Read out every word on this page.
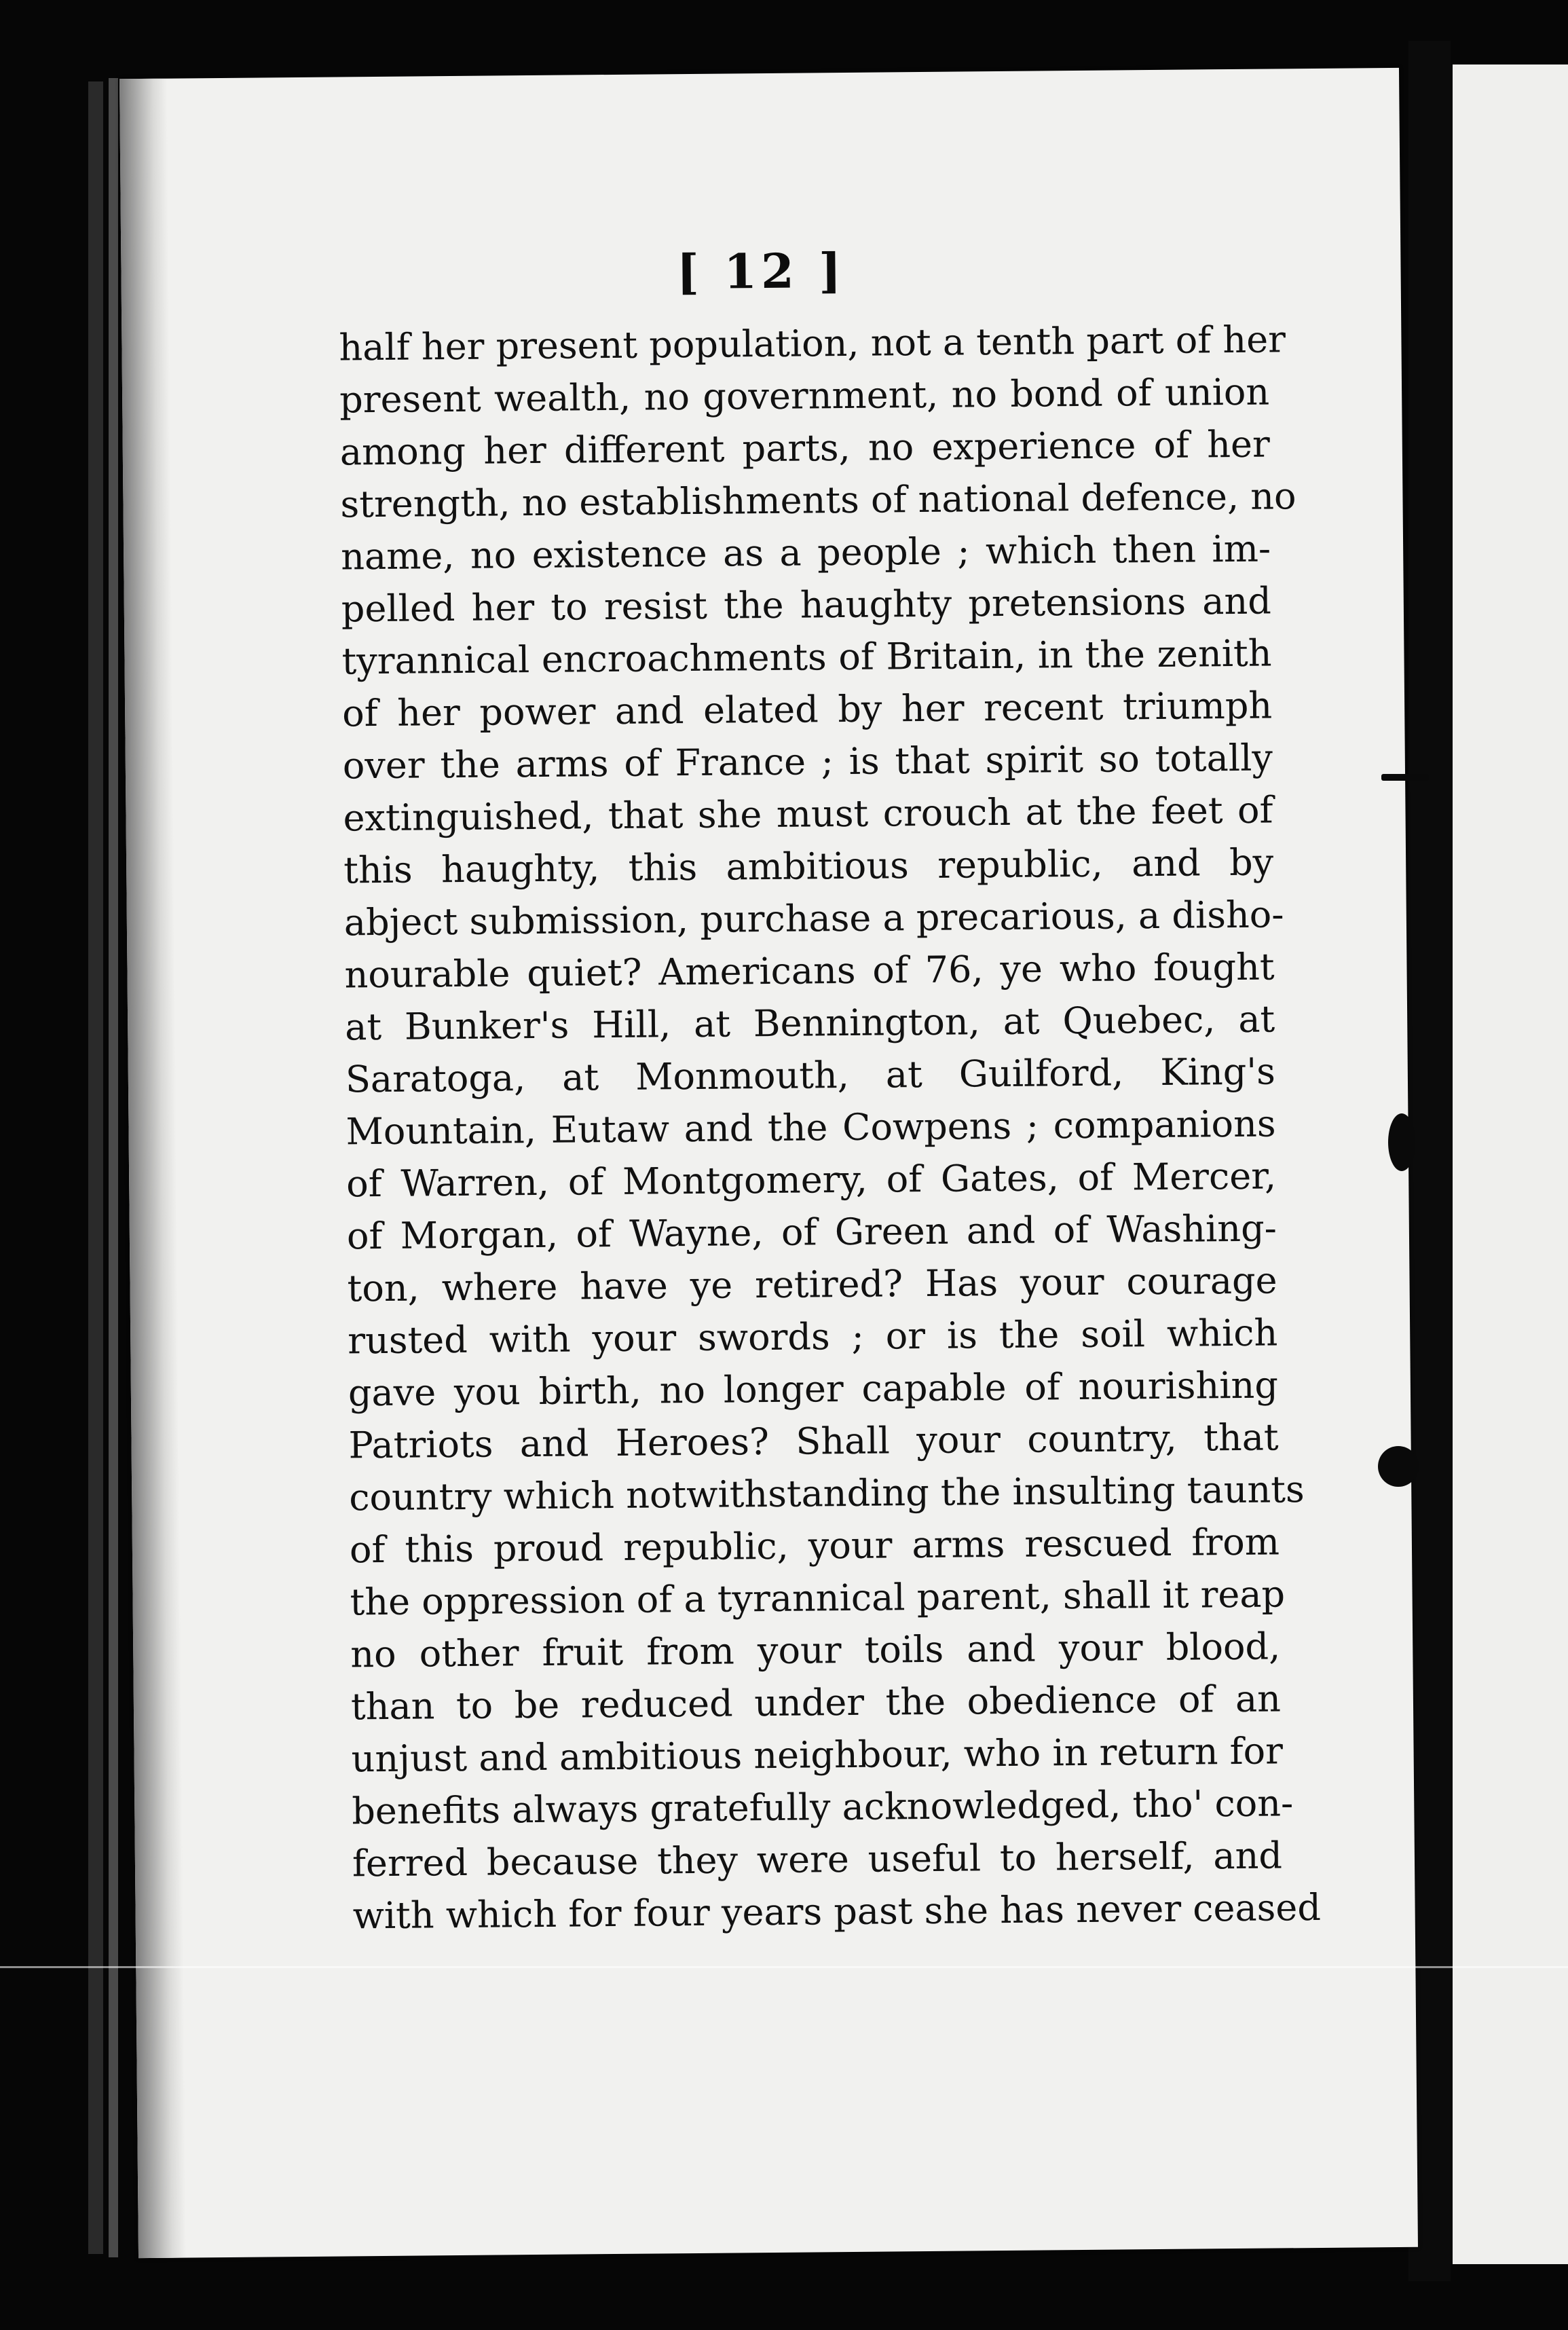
[ 12 ]
half her present population, not a tenth part of her
present wealth, no government, no bond of union
among her different parts, no experience of her
strength, no establishments of national defence, no
name, no existence as a people ; which then im-
pelled her to resist the haughty pretensions and
tyrannical encroachments of Britain, in the zenith
of her power and elated by her recent triumph
over the arms of France ; is that spirit so totally
extinguished, that she must crouch at the feet of
this haughty, this ambitious republic, and by
abject submission, purchase a precarious, a disho-
nourable quiet? Americans of 76, ye who fought
at Bunker's Hill, at Bennington, at Quebec, at
Saratoga, at Monmouth, at Guilford, King's
Mountain, Eutaw and the Cowpens ; companions
of Warren, of Montgomery, of Gates, of Mercer,
of Morgan, of Wayne, of Green and of Washing-
ton, where have ye retired? Has your courage
rusted with your swords ; or is the soil which
gave you birth, no longer capable of nourishing
Patriots and Heroes? Shall your country, that
country which notwithstanding the insulting taunts
of this proud republic, your arms rescued from
the oppression of a tyrannical parent, shall it reap
no other fruit from your toils and your blood,
than to be reduced under the obedience of an
unjust and ambitious neighbour, who in return for
benefits always gratefully acknowledged, tho' con-
ferred because they were useful to herself, and
with which for four years past she has never ceased
